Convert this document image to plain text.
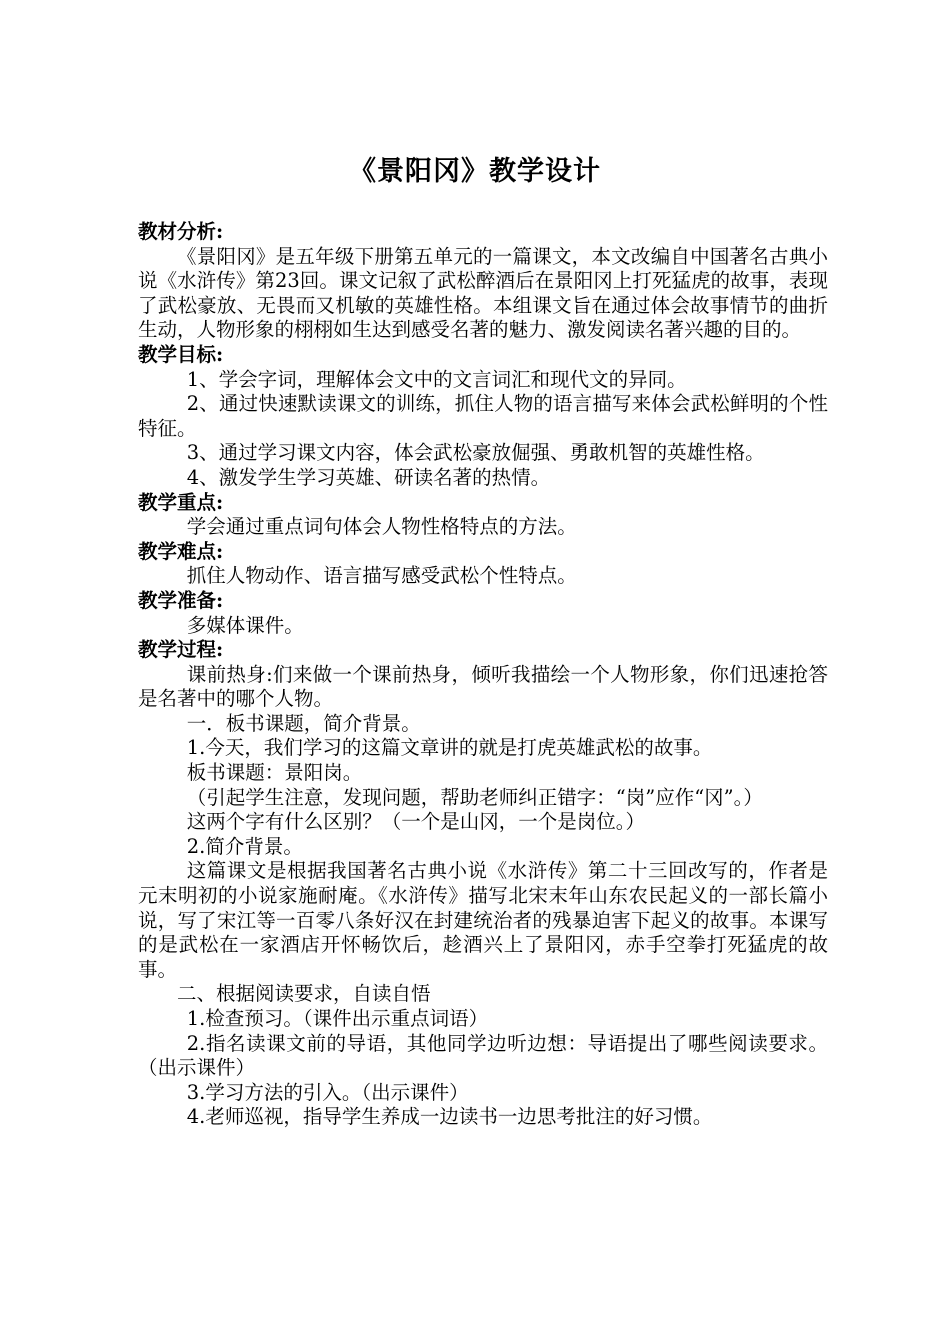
《景阳冈》教学设计

教材分析:

《景阳冈》是五年级下册第五单元的一篇课文，本文改编自中国著名古典小说《水浒传》第23回。课文记叙了武松醉酒后在景阳冈上打死猛虎的故事，表现了武松豪放、无畏而又机敏的英雄性格。本组课文旨在通过体会故事情节的曲折生动，人物形象的栩栩如生达到感受名著的魅力、激发阅读名著兴趣的目的。

教学目标:

1、学会字词，理解体会文中的文言词汇和现代文的异同。

2、通过快速默读课文的训练，抓住人物的语言描写来体会武松鲜明的个性特征。

3、通过学习课文内容，体会武松豪放倔强、勇敢机智的英雄性格。

4、激发学生学习英雄、研读名著的热情。

教学重点:

学会通过重点词句体会人物性格特点的方法。

教学难点:

抓住人物动作、语言描写感受武松个性特点。

教学准备:

多媒体课件。

教学过程:

课前热身:们来做一个课前热身，倾听我描绘一个人物形象，你们迅速抢答是名著中的哪个人物。

一．板书课题，简介背景。

1.今天，我们学习的这篇文章讲的就是打虎英雄武松的故事。

板书课题：景阳岗。

（引起学生注意，发现问题，帮助老师纠正错字：“岗”应作“冈”。）

这两个字有什么区别？（一个是山冈，一个是岗位。）

2.简介背景。

这篇课文是根据我国著名古典小说《水浒传》第二十三回改写的，作者是元末明初的小说家施耐庵。《水浒传》描写北宋末年山东农民起义的一部长篇小说，写了宋江等一百零八条好汉在封建统治者的残暴迫害下起义的故事。本课写的是武松在一家酒店开怀畅饮后，趁酒兴上了景阳冈，赤手空拳打死猛虎的故事。

二、根据阅读要求，自读自悟

1.检查预习。（课件出示重点词语）

2.指名读课文前的导语，其他同学边听边想：导语提出了哪些阅读要求。（出示课件）

3.学习方法的引入。（出示课件）

4.老师巡视，指导学生养成一边读书一边思考批注的好习惯。
